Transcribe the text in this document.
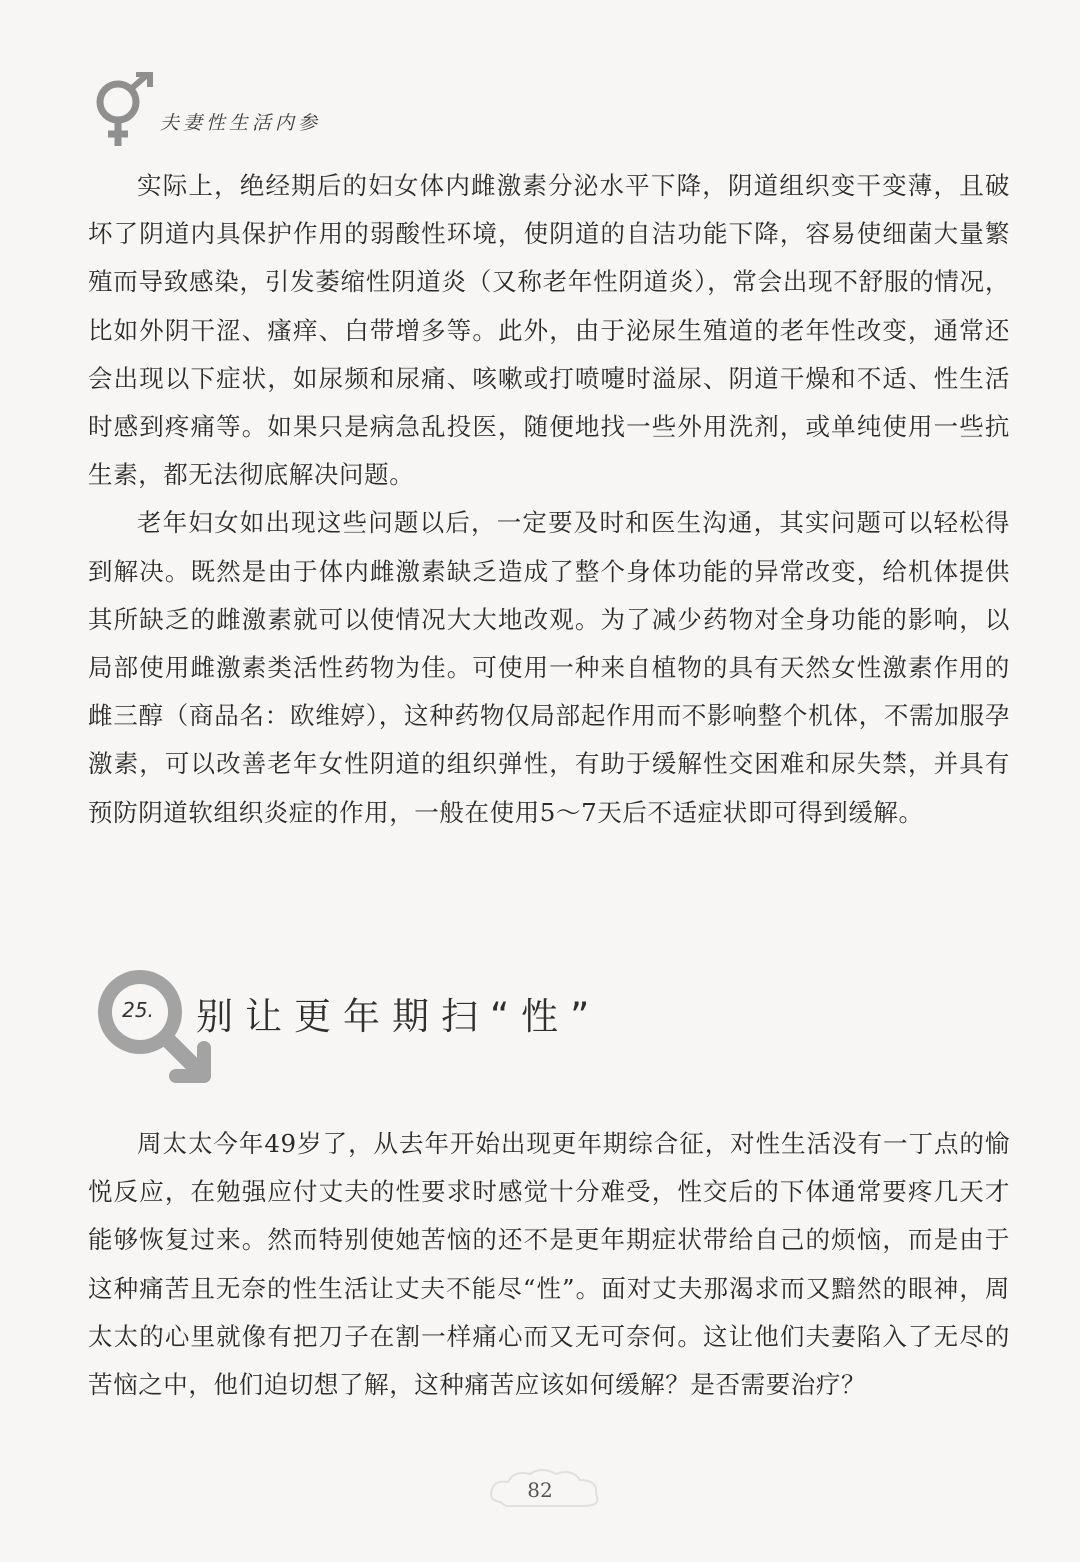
夫妻性生活内参

实际上，绝经期后的妇女体内雌激素分泌水平下降，阴道组织变干变薄，且破坏了阴道内具保护作用的弱酸性环境，使阴道的自洁功能下降，容易使细菌大量繁殖而导致感染，引发萎缩性阴道炎（又称老年性阴道炎），常会出现不舒服的情况，比如外阴干涩、瘙痒、白带增多等。此外，由于泌尿生殖道的老年性改变，通常还会出现以下症状，如尿频和尿痛、咳嗽或打喷嚏时溢尿、阴道干燥和不适、性生活时感到疼痛等。如果只是病急乱投医，随便地找一些外用洗剂，或单纯使用一些抗生素，都无法彻底解决问题。

老年妇女如出现这些问题以后，一定要及时和医生沟通，其实问题可以轻松得到解决。既然是由于体内雌激素缺乏造成了整个身体功能的异常改变，给机体提供其所缺乏的雌激素就可以使情况大大地改观。为了减少药物对全身功能的影响，以局部使用雌激素类活性药物为佳。可使用一种来自植物的具有天然女性激素作用的雌三醇（商品名：欧维婷），这种药物仅局部起作用而不影响整个机体，不需加服孕激素，可以改善老年女性阴道的组织弹性，有助于缓解性交困难和尿失禁，并具有预防阴道软组织炎症的作用，一般在使用5～7天后不适症状即可得到缓解。

25.	别让更年期扫“性”

周太太今年49岁了，从去年开始出现更年期综合征，对性生活没有一丁点的愉悦反应，在勉强应付丈夫的性要求时感觉十分难受，性交后的下体通常要疼几天才能够恢复过来。然而特别使她苦恼的还不是更年期症状带给自己的烦恼，而是由于这种痛苦且无奈的性生活让丈夫不能尽“性”。面对丈夫那渴求而又黯然的眼神，周太太的心里就像有把刀子在割一样痛心而又无可奈何。这让他们夫妻陷入了无尽的苦恼之中，他们迫切想了解，这种痛苦应该如何缓解？是否需要治疗？

82
